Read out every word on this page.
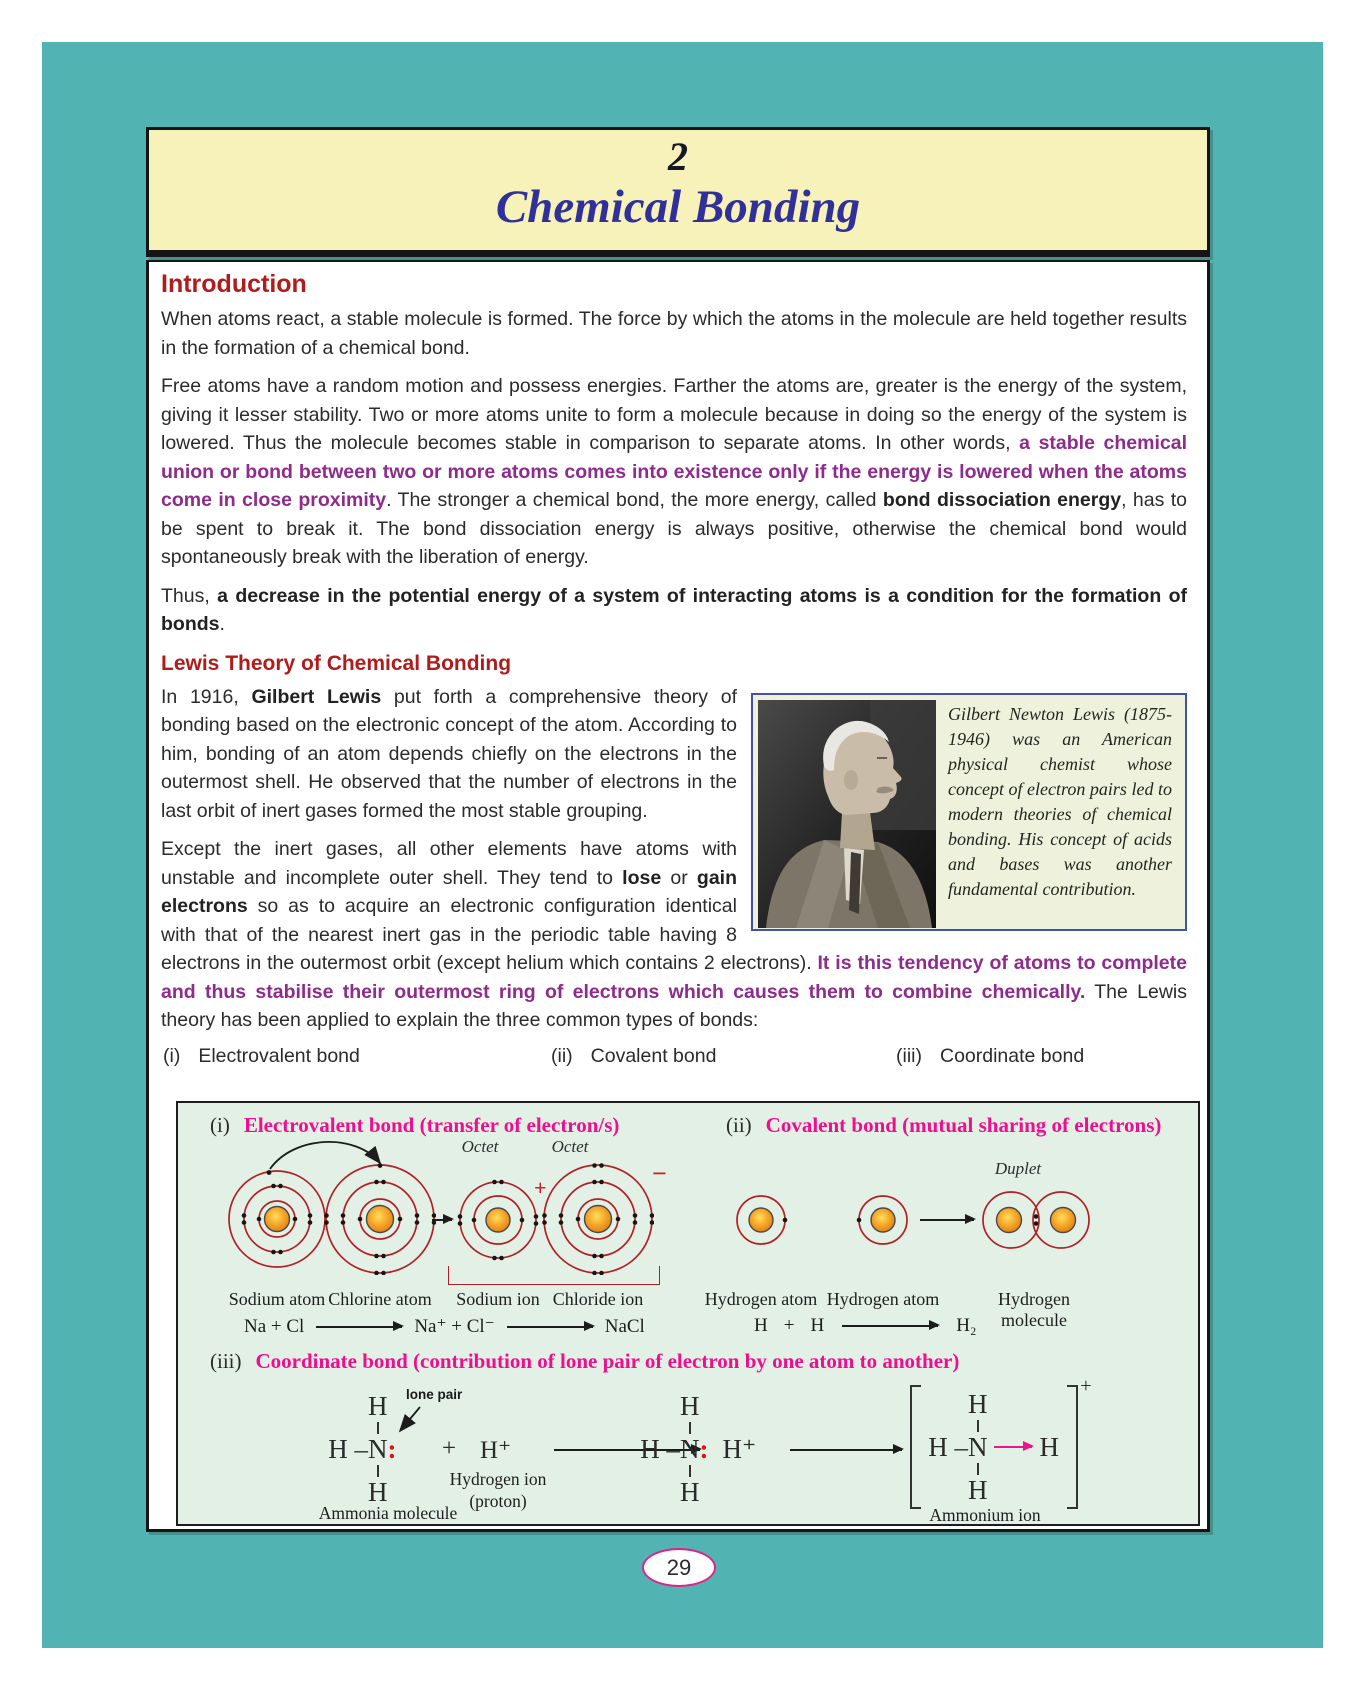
2
Chemical Bonding
Introduction

When atoms react, a stable molecule is formed. The force by which the atoms in the molecule are held together results in the formation of a chemical bond.

Free atoms have a random motion and possess energies. Farther the atoms are, greater is the energy of the system, giving it lesser stability. Two or more atoms unite to form a molecule because in doing so the energy of the system is lowered. Thus the molecule becomes stable in comparison to separate atoms. In other words, a stable chemical union or bond between two or more atoms comes into existence only if the energy is lowered when the atoms come in close proximity. The stronger a chemical bond, the more energy, called bond dissociation energy, has to be spent to break it. The bond dissociation energy is always positive, otherwise the chemical bond would spontaneously break with the liberation of energy.

Thus, a decrease in the potential energy of a system of interacting atoms is a condition for the formation of bonds.

Lewis Theory of Chemical Bonding
Gilbert Newton Lewis (1875-1946) was an American physical chemist whose concept of electron pairs led to modern theories of chemical bonding. His concept of acids and bases was another fundamental contribution.

In 1916, Gilbert Lewis put forth a comprehensive theory of bonding based on the electronic concept of the atom. According to him, bonding of an atom depends chiefly on the electrons in the outermost shell. He observed that the number of electrons in the last orbit of inert gases formed the most stable grouping.

Except the inert gases, all other elements have atoms with unstable and incomplete outer shell. They tend to lose or gain electrons so as to acquire an electronic configuration identical with that of the nearest inert gas in the periodic table having 8 electrons in the outermost orbit (except helium which contains 2 electrons). It is this tendency of atoms to complete and thus stabilise their outermost ring of electrons which causes them to combine chemically. The Lewis theory has been applied to explain the three common types of bonds:

(i) Electrovalent bond	(ii) Covalent bond	(iii) Coordinate bond
(i) Electrovalent bond (transfer of electron/s)	(ii) Covalent bond (mutual sharing of electrons)
Octet	Octet
Duplet
+	−
Sodium atom Chlorine atom	Sodium ion Chloride ion
Na + Cl	Na⁺ + Cl⁻	NaCl
Hydrogen atom Hydrogen atom	Hydrogen molecule
H + H	H₂
(iii) Coordinate bond (contribution of lone pair of electron by one atom to another)
H
H – N :
H
lone pair
+ H⁺
Hydrogen ion
(proton)
Ammonia molecule
H
H – N : H⁺
H
+
H
H – N	H
H
Ammonium ion
29
